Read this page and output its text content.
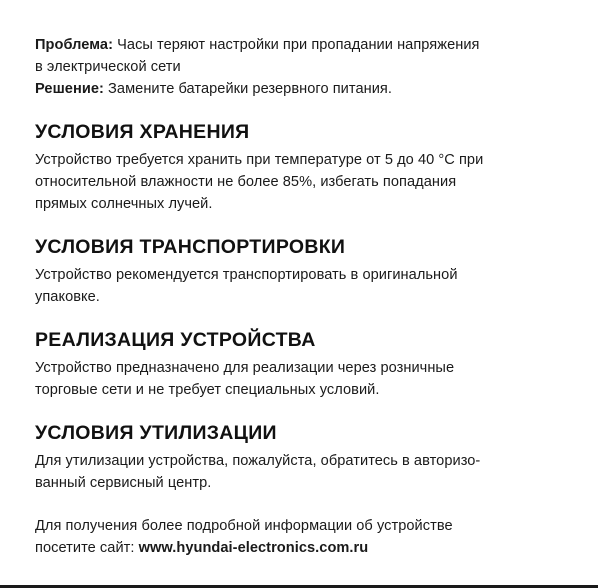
Проблема: Часы теряют настройки при пропадании напряжения
в электрической сети

Решение: Замените батарейки резервного питания.

УСЛОВИЯ ХРАНЕНИЯ

Устройство требуется хранить при температуре от 5 до 40 °С при
относительной влажности не более 85%, избегать попадания
прямых солнечных лучей.

УСЛОВИЯ ТРАНСПОРТИРОВКИ

Устройство рекомендуется транспортировать в оригинальной
упаковке.

РЕАЛИЗАЦИЯ УСТРОЙСТВА

Устройство предназначено для реализации через розничные
торговые сети и не требует специальных условий.

УСЛОВИЯ УТИЛИЗАЦИИ

Для утилизации устройства, пожалуйста, обратитесь в авторизо-
ванный сервисный центр.

Для получения более подробной информации об устройстве
посетите сайт: www.hyundai-electronics.com.ru
